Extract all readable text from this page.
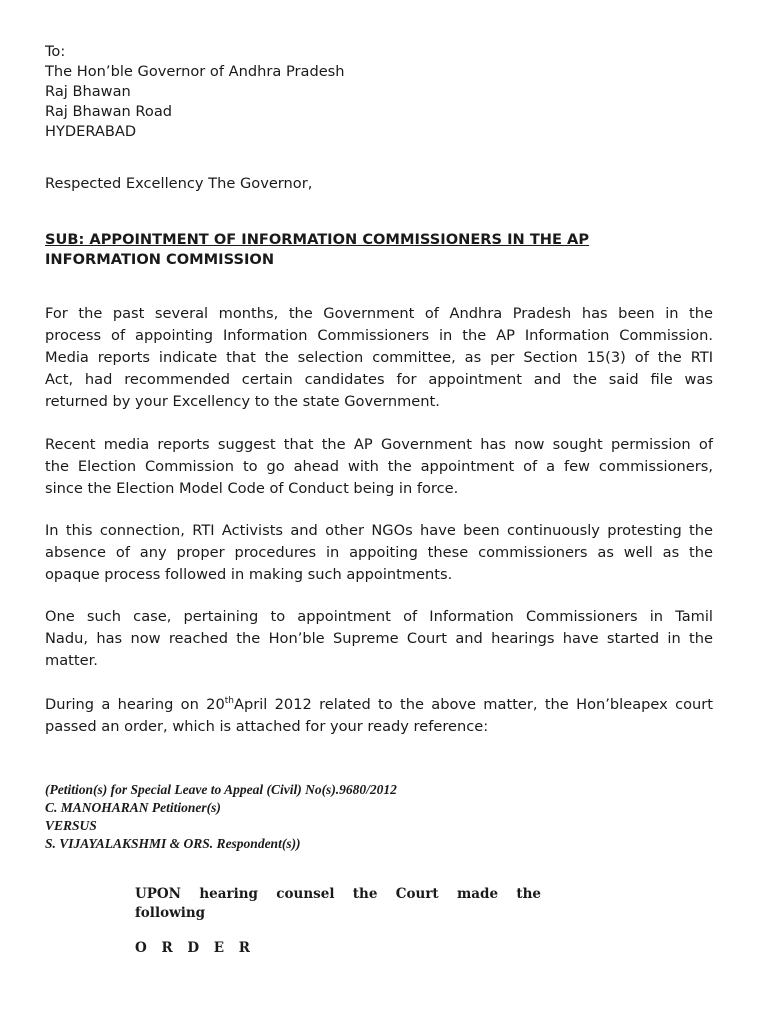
To:
The Hon’ble Governor of Andhra Pradesh
Raj Bhawan
Raj Bhawan Road
HYDERABAD
Respected Excellency The Governor,
SUB: APPOINTMENT OF INFORMATION COMMISSIONERS IN THE AP
INFORMATION COMMISSION

For the past several months, the Government of Andhra Pradesh has been in the
process of appointing Information Commissioners in the AP Information Commission.
Media reports indicate that the selection committee, as per Section 15(3) of the RTI
Act, had recommended certain candidates for appointment and the said file was
returned by your Excellency to the state Government.

Recent media reports suggest that the AP Government has now sought permission of
the Election Commission to go ahead with the appointment of a few commissioners,
since the Election Model Code of Conduct being in force.

In this connection, RTI Activists and other NGOs have been continuously protesting the
absence of any proper procedures in appoiting these commissioners as well as the
opaque process followed in making such appointments.

One such case, pertaining to appointment of Information Commissioners in Tamil
Nadu, has now reached the Hon’ble Supreme Court and hearings have started in the
matter.

During a hearing on 20thApril 2012 related to the above matter, the Hon’bleapex court
passed an order, which is attached for your ready reference:

(Petition(s) for Special Leave to Appeal (Civil) No(s).9680/2012
C. MANOHARAN Petitioner(s)
VERSUS
S. VIJAYALAKSHMI & ORS. Respondent(s))
UPON hearing counsel the Court made the
following
O R D E R
